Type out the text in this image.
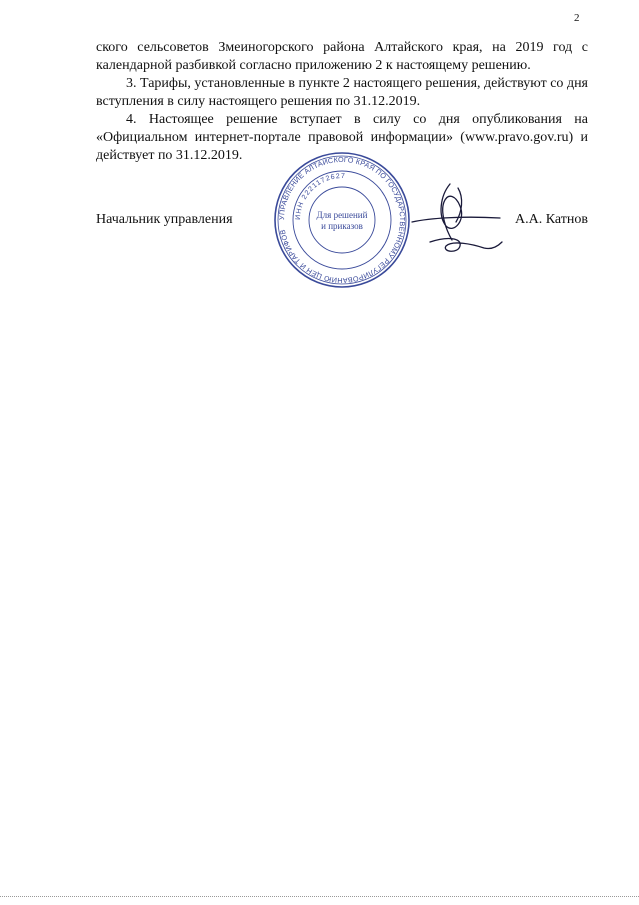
2

ского сельсоветов Змеиногорского района Алтайского края, на 2019 год с календарной разбивкой согласно приложению 2 к настоящему решению.

3. Тарифы, установленные в пункте 2 настоящего решения, действуют со дня вступления в силу настоящего решения по 31.12.2019.

4. Настоящее решение вступает в силу со дня опубликования на «Официальном интернет-портале правовой информации» (www.pravo.gov.ru) и действует по 31.12.2019.

Начальник управления	А.А. Катнов
УПРАВЛЕНИЕ АЛТАЙСКОГО КРАЯ ПО ГОСУДАРСТВЕННОМУ РЕГУЛИРОВАНИЮ ЦЕН И ТАРИФОВ
ИНН 2221172627
Для решений
и приказов
